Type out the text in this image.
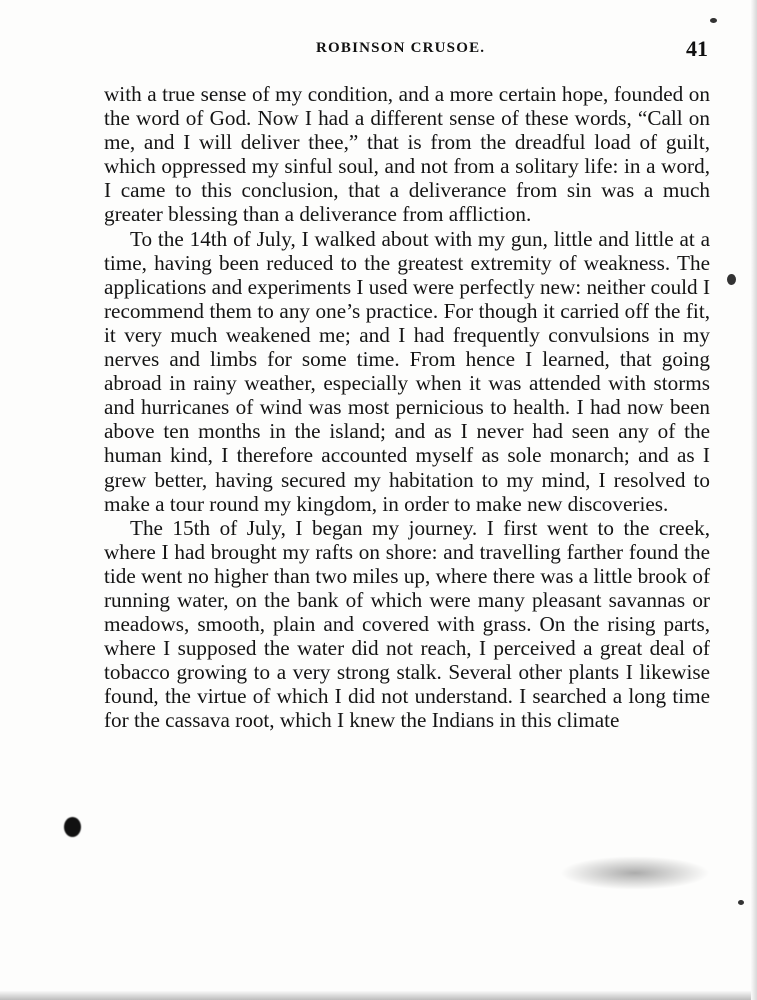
ROBINSON CRUSOE.	41

with a true sense of my condition, and a more certain hope, founded on the word of God. Now I had a different sense of these words, “Call on me, and I will deliver thee,” that is from the dreadful load of guilt, which oppressed my sinful soul, and not from a solitary life: in a word, I came to this conclusion, that a deliverance from sin was a much greater blessing than a deliverance from affliction.

To the 14th of July, I walked about with my gun, little and little at a time, having been reduced to the greatest extremity of weakness. The applications and experiments I used were perfectly new: neither could I recommend them to any one’s practice. For though it carried off the fit, it very much weakened me; and I had frequently convulsions in my nerves and limbs for some time. From hence I learned, that going abroad in rainy weather, especially when it was attended with storms and hurricanes of wind was most pernicious to health. I had now been above ten months in the island; and as I never had seen any of the human kind, I therefore accounted myself as sole monarch; and as I grew better, having secured my habitation to my mind, I resolved to make a tour round my kingdom, in order to make new discoveries.

The 15th of July, I began my journey. I first went to the creek, where I had brought my rafts on shore: and travelling farther found the tide went no higher than two miles up, where there was a little brook of running water, on the bank of which were many pleasant savannas or meadows, smooth, plain and covered with grass. On the rising parts, where I supposed the water did not reach, I perceived a great deal of tobacco growing to a very strong stalk. Several other plants I likewise found, the virtue of which I did not understand. I searched a long time for the cassava root, which I knew the Indians in this climate
